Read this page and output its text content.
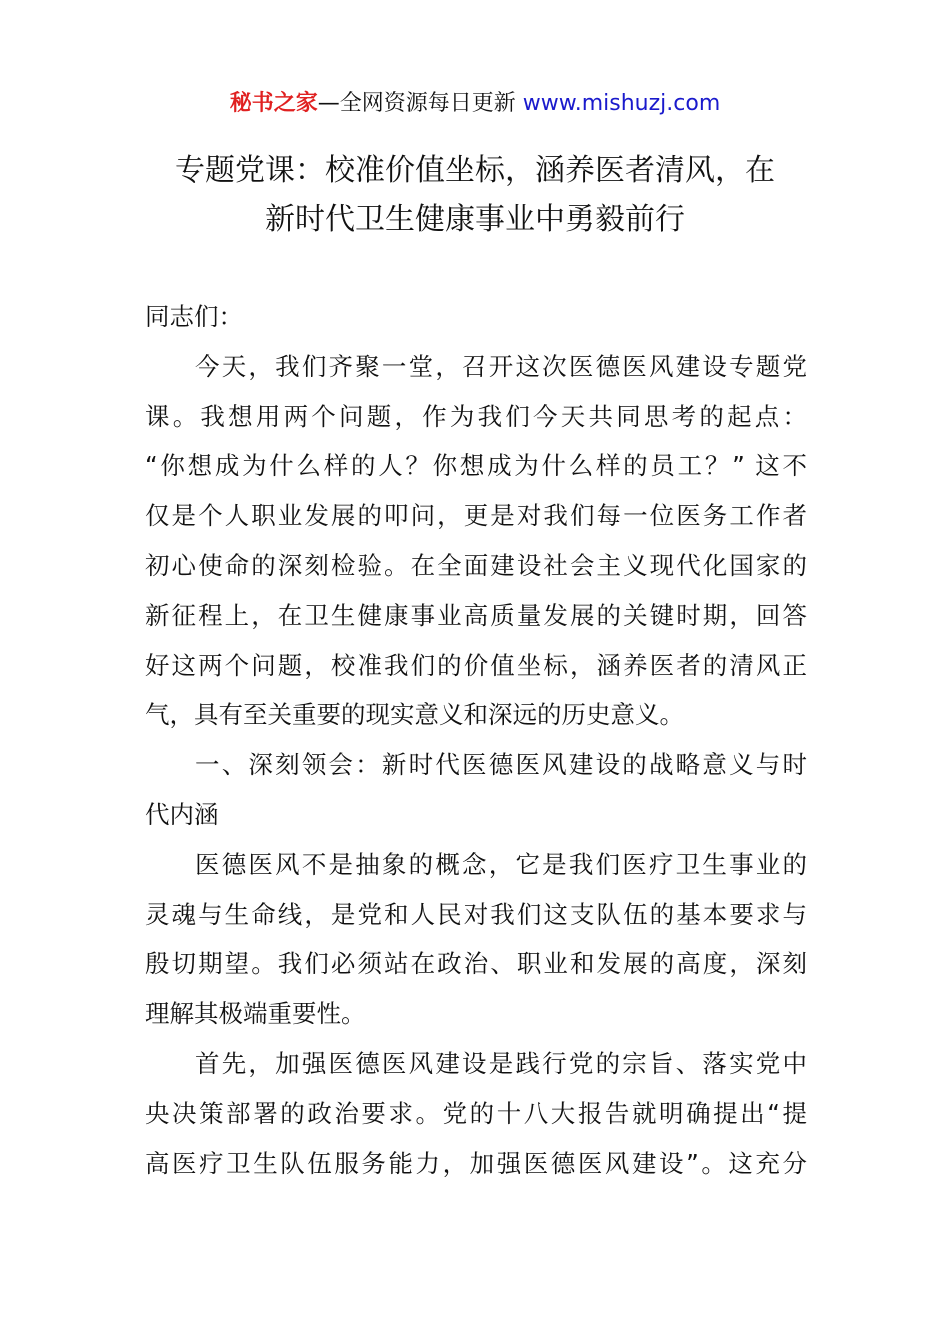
秘书之家—全网资源每日更新 www.mishuzj.com
专题党课：校准价值坐标，涵养医者清风，在
新时代卫生健康事业中勇毅前行
同志们：
今天，我们齐聚一堂，召开这次医德医风建设专题党
课。我想用两个问题，作为我们今天共同思考的起点：
“你想成为什么样的人？你想成为什么样的员工？” 这不
仅是个人职业发展的叩问，更是对我们每一位医务工作者
初心使命的深刻检验。在全面建设社会主义现代化国家的
新征程上，在卫生健康事业高质量发展的关键时期，回答
好这两个问题，校准我们的价值坐标，涵养医者的清风正
气，具有至关重要的现实意义和深远的历史意义。
一、深刻领会：新时代医德医风建设的战略意义与时
代内涵
医德医风不是抽象的概念，它是我们医疗卫生事业的
灵魂与生命线，是党和人民对我们这支队伍的基本要求与
殷切期望。我们必须站在政治、职业和发展的高度，深刻
理解其极端重要性。
首先，加强医德医风建设是践行党的宗旨、落实党中
央决策部署的政治要求。党的十八大报告就明确提出“提
高医疗卫生队伍服务能力，加强医德医风建设”。这充分
